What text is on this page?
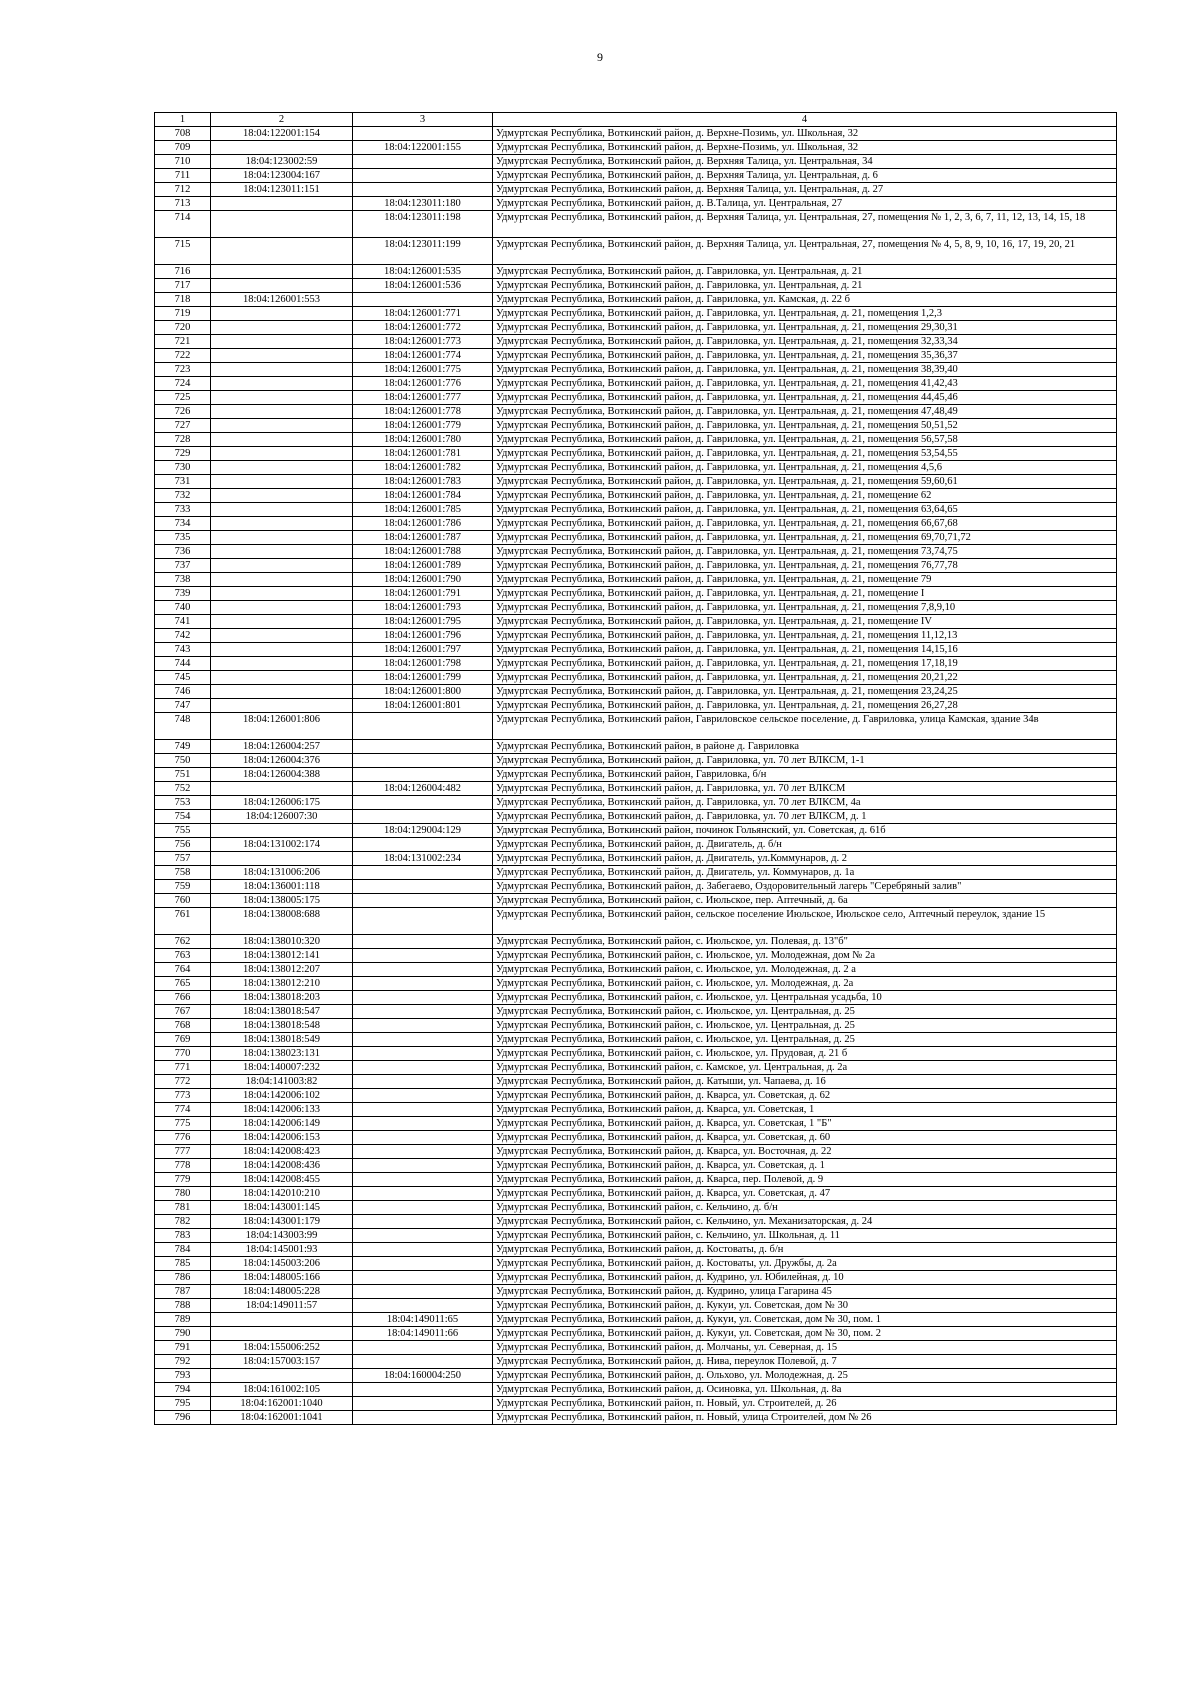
9
1	2	3	4
708	18:04:122001:154		Удмуртская Республика, Воткинский район, д. Верхне-Позимь, ул. Школьная, 32
709		18:04:122001:155	Удмуртская Республика, Воткинский район, д. Верхне-Позимь, ул. Школьная, 32
710	18:04:123002:59		Удмуртская Республика, Воткинский район, д. Верхняя Талица, ул. Центральная, 34
711	18:04:123004:167		Удмуртская Республика, Воткинский район, д. Верхняя Талица, ул. Центральная, д. 6
712	18:04:123011:151		Удмуртская Республика, Воткинский район, д. Верхняя Талица, ул. Центральная, д. 27
713		18:04:123011:180	Удмуртская Республика, Воткинский район, д. В.Талица, ул. Центральная, 27
714		18:04:123011:198	Удмуртская Республика, Воткинский район, д. Верхняя Талица, ул. Центральная, 27, помещения № 1, 2, 3, 6, 7, 11, 12, 13, 14, 15, 18
715		18:04:123011:199	Удмуртская Республика, Воткинский район, д. Верхняя Талица, ул. Центральная, 27, помещения № 4, 5, 8, 9, 10, 16, 17, 19, 20, 21
716		18:04:126001:535	Удмуртская Республика, Воткинский район, д. Гавриловка, ул. Центральная, д. 21
717		18:04:126001:536	Удмуртская Республика, Воткинский район, д. Гавриловка, ул. Центральная, д. 21
718	18:04:126001:553		Удмуртская Республика, Воткинский район, д. Гавриловка, ул. Камская, д. 22 б
719		18:04:126001:771	Удмуртская Республика, Воткинский район, д. Гавриловка, ул. Центральная, д. 21, помещения 1,2,3
720		18:04:126001:772	Удмуртская Республика, Воткинский район, д. Гавриловка, ул. Центральная, д. 21, помещения 29,30,31
721		18:04:126001:773	Удмуртская Республика, Воткинский район, д. Гавриловка, ул. Центральная, д. 21, помещения 32,33,34
722		18:04:126001:774	Удмуртская Республика, Воткинский район, д. Гавриловка, ул. Центральная, д. 21, помещения 35,36,37
723		18:04:126001:775	Удмуртская Республика, Воткинский район, д. Гавриловка, ул. Центральная, д. 21, помещения 38,39,40
724		18:04:126001:776	Удмуртская Республика, Воткинский район, д. Гавриловка, ул. Центральная, д. 21, помещения 41,42,43
725		18:04:126001:777	Удмуртская Республика, Воткинский район, д. Гавриловка, ул. Центральная, д. 21, помещения 44,45,46
726		18:04:126001:778	Удмуртская Республика, Воткинский район, д. Гавриловка, ул. Центральная, д. 21, помещения 47,48,49
727		18:04:126001:779	Удмуртская Республика, Воткинский район, д. Гавриловка, ул. Центральная, д. 21, помещения 50,51,52
728		18:04:126001:780	Удмуртская Республика, Воткинский район, д. Гавриловка, ул. Центральная, д. 21, помещения 56,57,58
729		18:04:126001:781	Удмуртская Республика, Воткинский район, д. Гавриловка, ул. Центральная, д. 21, помещения 53,54,55
730		18:04:126001:782	Удмуртская Республика, Воткинский район, д. Гавриловка, ул. Центральная, д. 21, помещения 4,5,6
731		18:04:126001:783	Удмуртская Республика, Воткинский район, д. Гавриловка, ул. Центральная, д. 21, помещения 59,60,61
732		18:04:126001:784	Удмуртская Республика, Воткинский район, д. Гавриловка, ул. Центральная, д. 21, помещение 62
733		18:04:126001:785	Удмуртская Республика, Воткинский район, д. Гавриловка, ул. Центральная, д. 21, помещения 63,64,65
734		18:04:126001:786	Удмуртская Республика, Воткинский район, д. Гавриловка, ул. Центральная, д. 21, помещения 66,67,68
735		18:04:126001:787	Удмуртская Республика, Воткинский район, д. Гавриловка, ул. Центральная, д. 21, помещения 69,70,71,72
736		18:04:126001:788	Удмуртская Республика, Воткинский район, д. Гавриловка, ул. Центральная, д. 21, помещения 73,74,75
737		18:04:126001:789	Удмуртская Республика, Воткинский район, д. Гавриловка, ул. Центральная, д. 21, помещения 76,77,78
738		18:04:126001:790	Удмуртская Республика, Воткинский район, д. Гавриловка, ул. Центральная, д. 21, помещение 79
739		18:04:126001:791	Удмуртская Республика, Воткинский район, д. Гавриловка, ул. Центральная, д. 21, помещение I
740		18:04:126001:793	Удмуртская Республика, Воткинский район, д. Гавриловка, ул. Центральная, д. 21, помещения 7,8,9,10
741		18:04:126001:795	Удмуртская Республика, Воткинский район, д. Гавриловка, ул. Центральная, д. 21, помещение IV
742		18:04:126001:796	Удмуртская Республика, Воткинский район, д. Гавриловка, ул. Центральная, д. 21, помещения 11,12,13
743		18:04:126001:797	Удмуртская Республика, Воткинский район, д. Гавриловка, ул. Центральная, д. 21, помещения 14,15,16
744		18:04:126001:798	Удмуртская Республика, Воткинский район, д. Гавриловка, ул. Центральная, д. 21, помещения 17,18,19
745		18:04:126001:799	Удмуртская Республика, Воткинский район, д. Гавриловка, ул. Центральная, д. 21, помещения 20,21,22
746		18:04:126001:800	Удмуртская Республика, Воткинский район, д. Гавриловка, ул. Центральная, д. 21, помещения 23,24,25
747		18:04:126001:801	Удмуртская Республика, Воткинский район, д. Гавриловка, ул. Центральная, д. 21, помещения 26,27,28
748	18:04:126001:806		Удмуртская Республика, Воткинский район, Гавриловское сельское поселение, д. Гавриловка, улица Камская, здание 34в
749	18:04:126004:257		Удмуртская Республика, Воткинский район, в районе д. Гавриловка
750	18:04:126004:376		Удмуртская Республика, Воткинский район, д. Гавриловка, ул. 70 лет ВЛКСМ, 1-1
751	18:04:126004:388		Удмуртская Республика, Воткинский район, Гавриловка, б/н
752		18:04:126004:482	Удмуртская Республика, Воткинский район, д. Гавриловка, ул. 70 лет ВЛКСМ
753	18:04:126006:175		Удмуртская Республика, Воткинский район, д. Гавриловка, ул. 70 лет ВЛКСМ, 4а
754	18:04:126007:30		Удмуртская Республика, Воткинский район, д. Гавриловка, ул. 70 лет ВЛКСМ, д. 1
755		18:04:129004:129	Удмуртская Республика, Воткинский район, починок Гольянский, ул. Советская, д. 61б
756	18:04:131002:174		Удмуртская Республика, Воткинский район, д. Двигатель, д. б/н
757		18:04:131002:234	Удмуртская Республика, Воткинский район, д. Двигатель, ул.Коммунаров, д. 2
758	18:04:131006:206		Удмуртская Республика, Воткинский район, д. Двигатель, ул. Коммунаров, д. 1а
759	18:04:136001:118		Удмуртская Республика, Воткинский район, д. Забегаево, Оздоровительный лагерь "Серебряный залив"
760	18:04:138005:175		Удмуртская Республика, Воткинский район, с. Июльское, пер. Аптечный, д. 6а
761	18:04:138008:688		Удмуртская Республика, Воткинский район, сельское поселение Июльское, Июльское село, Аптечный переулок, здание 15
762	18:04:138010:320		Удмуртская Республика, Воткинский район, с. Июльское, ул. Полевая, д. 13"б"
763	18:04:138012:141		Удмуртская Республика, Воткинский район, с. Июльское, ул. Молодежная, дом № 2а
764	18:04:138012:207		Удмуртская Республика, Воткинский район, с. Июльское, ул. Молодежная, д. 2 а
765	18:04:138012:210		Удмуртская Республика, Воткинский район, с. Июльское, ул. Молодежная, д. 2а
766	18:04:138018:203		Удмуртская Республика, Воткинский район, с. Июльское, ул. Центральная усадьба, 10
767	18:04:138018:547		Удмуртская Республика, Воткинский район, с. Июльское, ул. Центральная, д. 25
768	18:04:138018:548		Удмуртская Республика, Воткинский район, с. Июльское, ул. Центральная, д. 25
769	18:04:138018:549		Удмуртская Республика, Воткинский район, с. Июльское, ул. Центральная, д. 25
770	18:04:138023:131		Удмуртская Республика, Воткинский район, с. Июльское, ул. Прудовая, д. 21 б
771	18:04:140007:232		Удмуртская Республика, Воткинский район, с. Камское, ул. Центральная, д. 2а
772	18:04:141003:82		Удмуртская Республика, Воткинский район, д. Катыши, ул. Чапаева, д. 16
773	18:04:142006:102		Удмуртская Республика, Воткинский район, д. Кварса, ул. Советская, д. 62
774	18:04:142006:133		Удмуртская Республика, Воткинский район, д. Кварса, ул. Советская, 1
775	18:04:142006:149		Удмуртская Республика, Воткинский район, д. Кварса, ул. Советская, 1 "Б"
776	18:04:142006:153		Удмуртская Республика, Воткинский район, д. Кварса, ул. Советская, д. 60
777	18:04:142008:423		Удмуртская Республика, Воткинский район, д. Кварса, ул. Восточная, д. 22
778	18:04:142008:436		Удмуртская Республика, Воткинский район, д. Кварса, ул. Советская, д. 1
779	18:04:142008:455		Удмуртская Республика, Воткинский район, д. Кварса, пер. Полевой, д. 9
780	18:04:142010:210		Удмуртская Республика, Воткинский район, д. Кварса, ул. Советская, д. 47
781	18:04:143001:145		Удмуртская Республика, Воткинский район, с. Кельчино, д. б/н
782	18:04:143001:179		Удмуртская Республика, Воткинский район, с. Кельчино, ул. Механизаторская, д. 24
783	18:04:143003:99		Удмуртская Республика, Воткинский район, с. Кельчино, ул. Школьная, д. 11
784	18:04:145001:93		Удмуртская Республика, Воткинский район, д. Костоваты, д. б/н
785	18:04:145003:206		Удмуртская Республика, Воткинский район, д. Костоваты, ул. Дружбы, д. 2а
786	18:04:148005:166		Удмуртская Республика, Воткинский район, д. Кудрино, ул. Юбилейная, д. 10
787	18:04:148005:228		Удмуртская Республика, Воткинский район, д. Кудрино, улица Гагарина 45
788	18:04:149011:57		Удмуртская Республика, Воткинский район, д. Кукуи, ул. Советская, дом № 30
789		18:04:149011:65	Удмуртская Республика, Воткинский район, д. Кукуи, ул. Советская, дом № 30, пом. 1
790		18:04:149011:66	Удмуртская Республика, Воткинский район, д. Кукуи, ул. Советская, дом № 30, пом. 2
791	18:04:155006:252		Удмуртская Республика, Воткинский район, д. Молчаны, ул. Северная, д. 15
792	18:04:157003:157		Удмуртская Республика, Воткинский район, д. Нива, переулок Полевой, д. 7
793		18:04:160004:250	Удмуртская Республика, Воткинский район, д. Ольхово, ул. Молодежная, д. 25
794	18:04:161002:105		Удмуртская Республика, Воткинский район, д. Осиновка, ул. Школьная, д. 8а
795	18:04:162001:1040		Удмуртская Республика, Воткинский район, п. Новый, ул. Строителей, д. 26
796	18:04:162001:1041		Удмуртская Республика, Воткинский район, п. Новый, улица Строителей, дом № 26
